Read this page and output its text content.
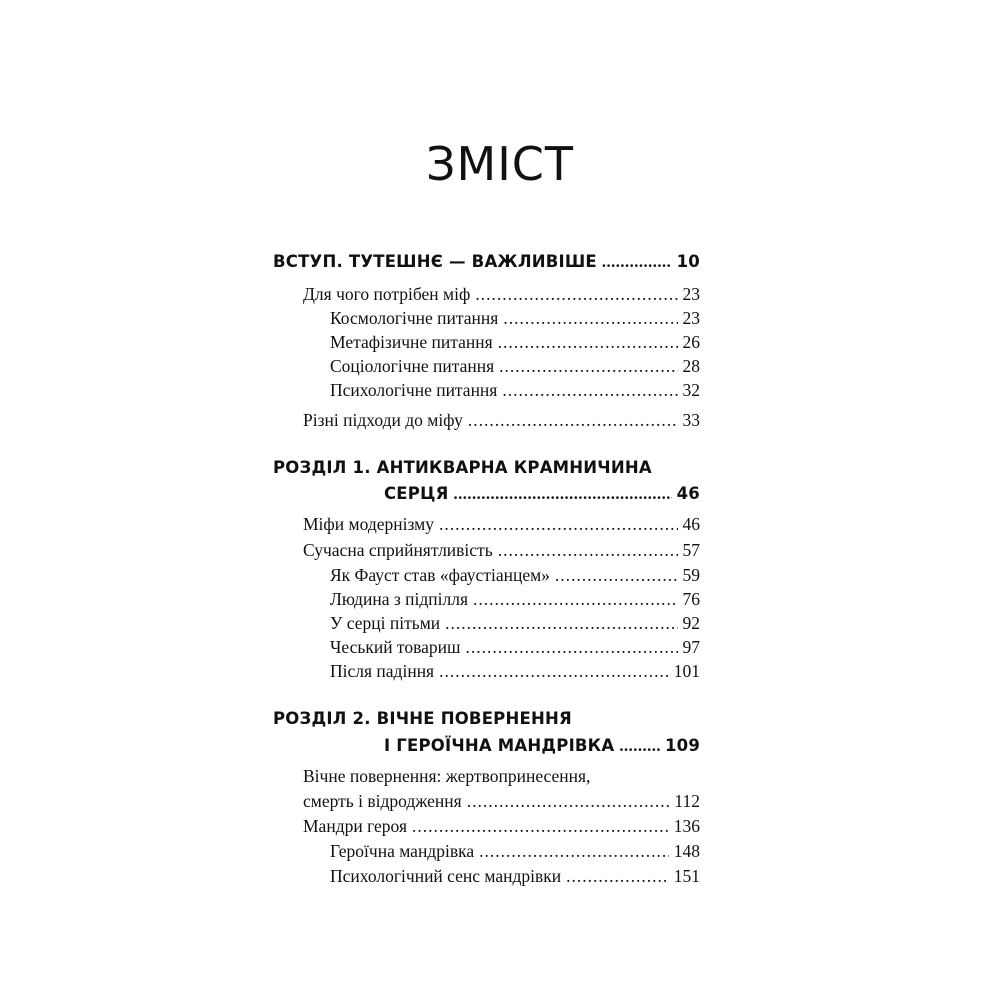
ЗМІСТ
ВСТУП. ТУТЕШНЄ — ВАЖЛИВІШЕ .....	10
Для чого потрібен міф .....	23
Космологічне питання .....	23
Метафізичне питання .....	26
Соціологічне питання .....	28
Психологічне питання .....	32
Різні підходи до міфу .....	33
РОЗДІЛ 1. АНТИКВАРНА КРАМНИЧИНА
СЕРЦЯ .....	46
Міфи модернізму .....	46
Сучасна сприйнятливість .....	57
Як Фауст став «фаустіанцем» .....	59
Людина з підпілля .....	76
У серці пітьми .....	92
Чеський товариш .....	97
Після падіння .....	101
РОЗДІЛ 2. ВІЧНЕ ПОВЕРНЕННЯ
І ГЕРОЇЧНА МАНДРІВКА .....	109
Вічне повернення: жертвопринесення,
смерть і відродження .....	112
Мандри героя .....	136
Героїчна мандрівка .....	148
Психологічний сенс мандрівки .....	151
